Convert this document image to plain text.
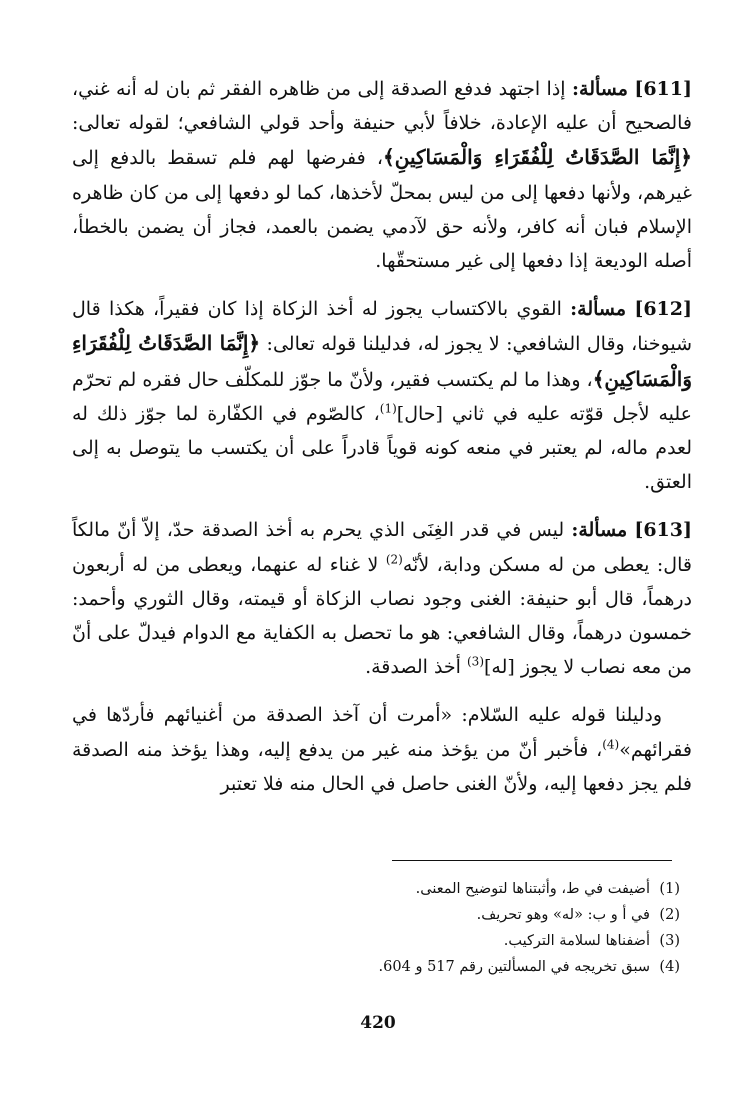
[611] مسألة: إذا اجتهد فدفع الصدقة إلى من ظاهره الفقر ثم بان له أنه غني، فالصحيح أن عليه الإعادة، خلافاً لأبي حنيفة وأحد قولي الشافعي؛ لقوله تعالى: ﴿إِنَّمَا الصَّدَقَاتُ لِلْفُقَرَاءِ وَالْمَسَاكِينِ﴾، ففرضها لهم فلم تسقط بالدفع إلى غيرهم، ولأنها دفعها إلى من ليس بمحلّ لأخذها، كما لو دفعها إلى من كان ظاهره الإسلام فبان أنه كافر، ولأنه حق لآدمي يضمن بالعمد، فجاز أن يضمن بالخطأ، أصله الوديعة إذا دفعها إلى غير مستحقّها.

[612] مسألة: القوي بالاكتساب يجوز له أخذ الزكاة إذا كان فقيراً، هكذا قال شيوخنا، وقال الشافعي: لا يجوز له، فدليلنا قوله تعالى: ﴿إِنَّمَا الصَّدَقَاتُ لِلْفُقَرَاءِ وَالْمَسَاكِينِ﴾، وهذا ما لم يكتسب فقير، ولأنّ ما جوّز للمكلّف حال فقره لم تحرّم عليه لأجل قوّته عليه في ثاني [حال]$^{(1)}$، كالصّوم في الكفّارة لما جوّز ذلك له لعدم ماله، لم يعتبر في منعه كونه قوياً قادراً على أن يكتسب ما يتوصل به إلى العتق.

[613] مسألة: ليس في قدر الغِنَى الذي يحرم به أخذ الصدقة حدّ، إلاّ أنّ مالكاً قال: يعطى من له مسكن ودابة، لأنّه$^{(2)}$ لا غناء له عنهما، ويعطى من له أربعون درهماً، قال أبو حنيفة: الغنى وجود نصاب الزكاة أو قيمته، وقال الثوري وأحمد: خمسون درهماً، وقال الشافعي: هو ما تحصل به الكفاية مع الدوام فيدلّ على أنّ من معه نصاب لا يجوز [له]$^{(3)}$ أخذ الصدقة.

ودليلنا قوله عليه السّلام: «أمرت أن آخذ الصدقة من أغنيائهم فأردّها في فقرائهم»$^{(4)}$، فأخبر أنّ من يؤخذ منه غير من يدفع إليه، وهذا يؤخذ منه الصدقة فلم يجز دفعها إليه، ولأنّ الغنى حاصل في الحال منه فلا تعتبر

(1)أضيفت في ط، وأثبتناها لتوضيح المعنى.

(2)في أ و ب: «له» وهو تحريف.

(3)أضفناها لسلامة التركيب.

(4)سبق تخريجه في المسألتين رقم 517 و 604.

420
